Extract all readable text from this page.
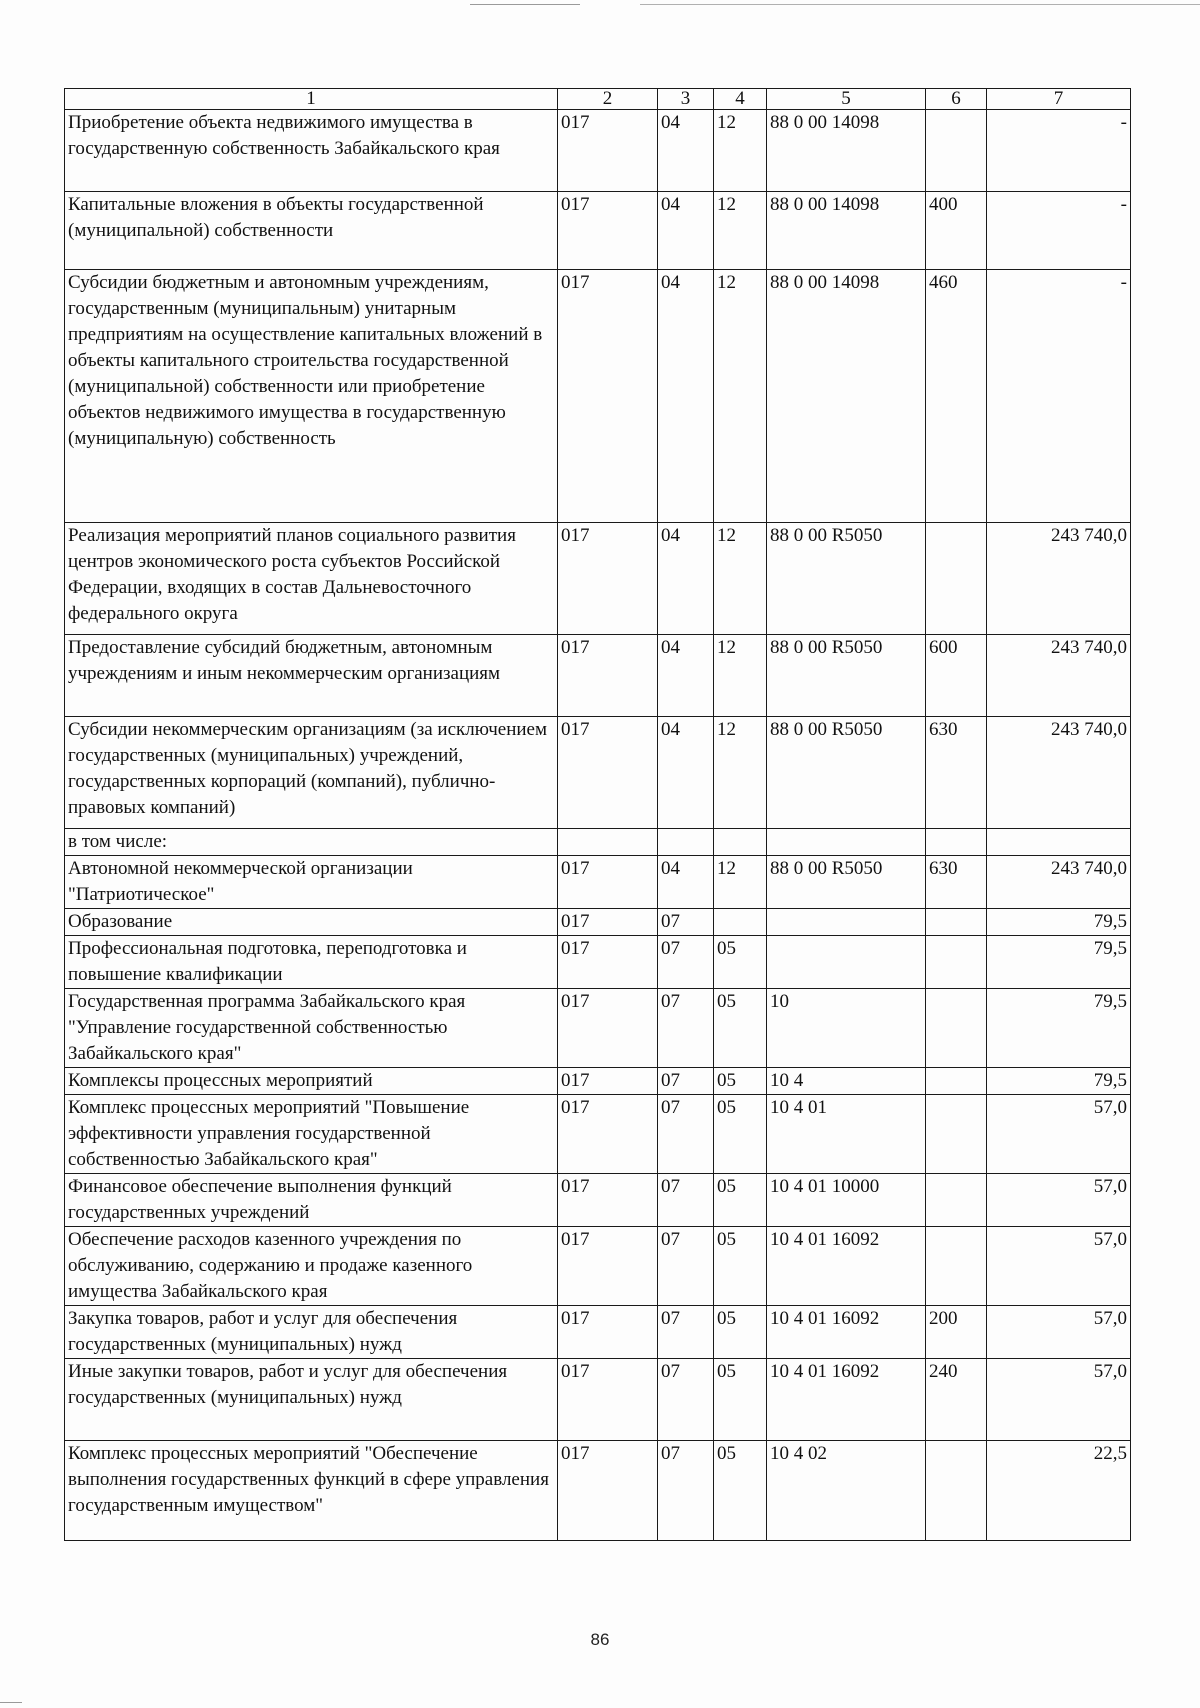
1	2	3	4	5	6	7
Приобретение объекта недвижимого имущества в государственную собственность Забайкальского края	017	04	12	88 0 00 14098		-
Капитальные вложения в объекты государственной (муниципальной) собственности	017	04	12	88 0 00 14098	400	-
Субсидии бюджетным и автономным учреждениям, государственным (муниципальным) унитарным предприятиям на осуществление капитальных вложений в объекты капитального строительства государственной (муниципальной) собственности или приобретение объектов недвижимого имущества в государственную (муниципальную) собственность	017	04	12	88 0 00 14098	460	-
Реализация мероприятий планов социального развития центров экономического роста субъектов Российской Федерации, входящих в состав Дальневосточного федерального округа	017	04	12	88 0 00 R5050		243 740,0
Предоставление субсидий бюджетным, автономным учреждениям и иным некоммерческим организациям	017	04	12	88 0 00 R5050	600	243 740,0
Субсидии некоммерческим организациям (за исключением государственных (муниципальных) учреждений, государственных корпораций (компаний), публично-правовых компаний)	017	04	12	88 0 00 R5050	630	243 740,0
в том числе:						
Автономной некоммерческой организации "Патриотическое"	017	04	12	88 0 00 R5050	630	243 740,0
Образование	017	07				79,5
Профессиональная подготовка, переподготовка и повышение квалификации	017	07	05			79,5
Государственная программа Забайкальского края "Управление государственной собственностью Забайкальского края"	017	07	05	10		79,5
Комплексы процессных мероприятий	017	07	05	10 4		79,5
Комплекс процессных мероприятий "Повышение эффективности управления государственной собственностью Забайкальского края"	017	07	05	10 4 01		57,0
Финансовое обеспечение выполнения функций государственных учреждений	017	07	05	10 4 01 10000		57,0
Обеспечение расходов казенного учреждения по обслуживанию, содержанию и продаже казенного имущества Забайкальского края	017	07	05	10 4 01 16092		57,0
Закупка товаров, работ и услуг для обеспечения государственных (муниципальных) нужд	017	07	05	10 4 01 16092	200	57,0
Иные закупки товаров, работ и услуг для обеспечения государственных (муниципальных) нужд	017	07	05	10 4 01 16092	240	57,0
Комплекс процессных мероприятий "Обеспечение выполнения государственных функций в сфере управления государственным имуществом"	017	07	05	10 4 02		22,5
86
